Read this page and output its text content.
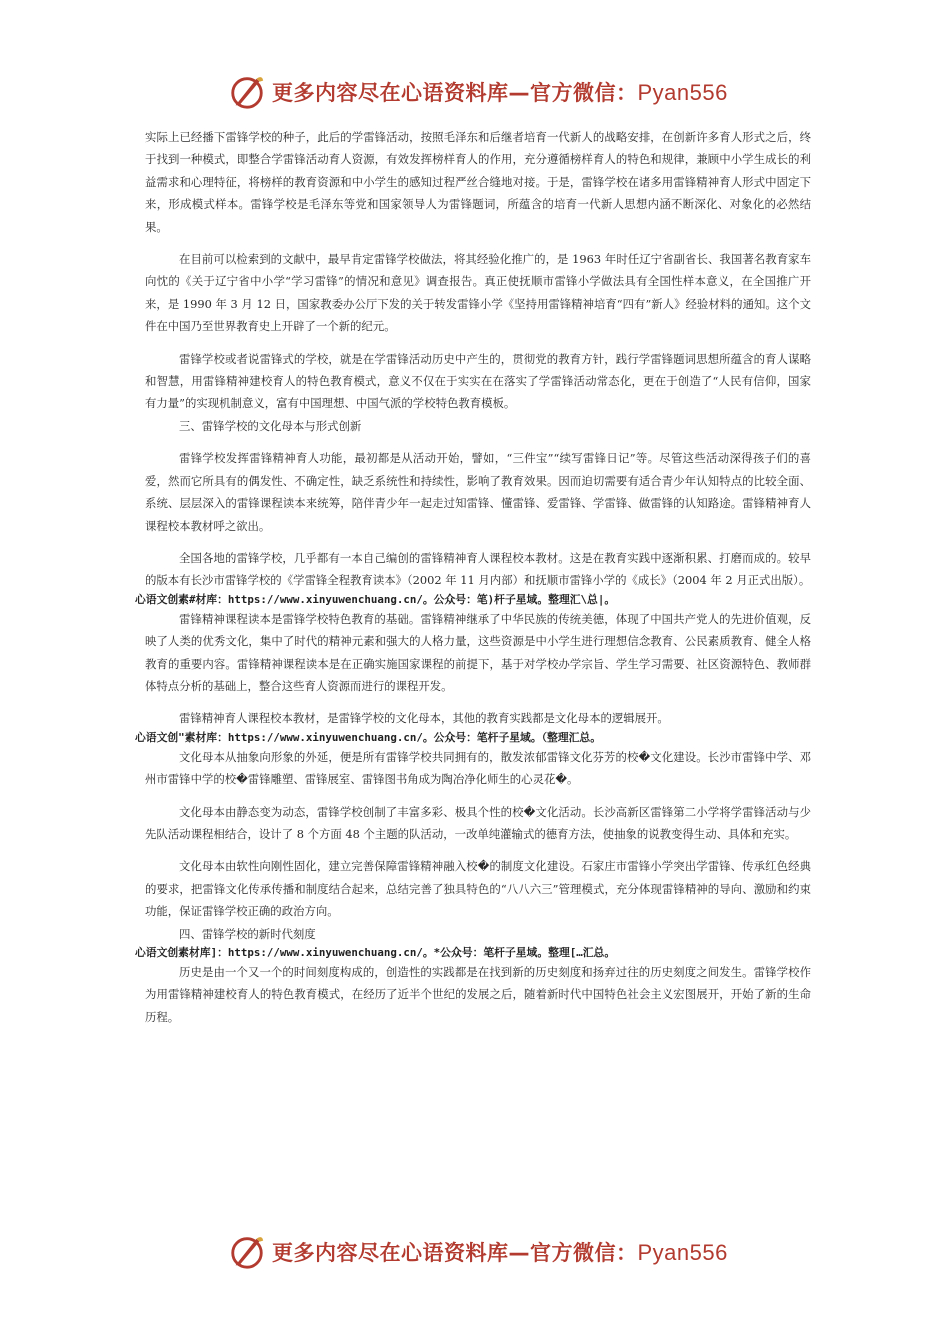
更多内容尽在心语资料库—官方微信：Pyan556

实际上已经播下雷锋学校的种子，此后的学雷锋活动，按照毛泽东和后继者培育一代新人的战略安排，在创新许多育人形式之后，终于找到一种模式，即整合学雷锋活动育人资源，有效发挥榜样育人的作用，充分遵循榜样育人的特色和规律，兼顾中小学生成长的利益需求和心理特征，将榜样的教育资源和中小学生的感知过程严丝合缝地对接。于是，雷锋学校在诸多用雷锋精神育人形式中固定下来，形成模式样本。雷锋学校是毛泽东等党和国家领导人为雷锋题词，所蕴含的培育一代新人思想内涵不断深化、对象化的必然结果。

在目前可以检索到的文献中，最早肯定雷锋学校做法，将其经验化推广的，是 1963 年时任辽宁省副省长、我国著名教育家车向忱的《关于辽宁省中小学“学习雷锋”的情况和意见》调查报告。真正使抚顺市雷锋小学做法具有全国性样本意义，在全国推广开来，是 1990 年 3 月 12 日，国家教委办公厅下发的关于转发雷锋小学《坚持用雷锋精神培育“四有”新人》经验材料的通知。这个文件在中国乃至世界教育史上开辟了一个新的纪元。

雷锋学校或者说雷锋式的学校，就是在学雷锋活动历史中产生的，贯彻党的教育方针，践行学雷锋题词思想所蕴含的育人谋略和智慧，用雷锋精神建校育人的特色教育模式，意义不仅在于实实在在落实了学雷锋活动常态化，更在于创造了“人民有信仰，国家有力量”的实现机制意义，富有中国理想、中国气派的学校特色教育模板。

三、雷锋学校的文化母本与形式创新

雷锋学校发挥雷锋精神育人功能，最初都是从活动开始，譬如，“三件宝”“续写雷锋日记”等。尽管这些活动深得孩子们的喜爱，然而它所具有的偶发性、不确定性，缺乏系统性和持续性，影响了教育效果。因而迫切需要有适合青少年认知特点的比较全面、系统、层层深入的雷锋课程读本来统筹，陪伴青少年一起走过知雷锋、懂雷锋、爱雷锋、学雷锋、做雷锋的认知路途。雷锋精神育人课程校本教材呼之欲出。

全国各地的雷锋学校，几乎都有一本自己编创的雷锋精神育人课程校本教材。这是在教育实践中逐渐积累、打磨而成的。较早的版本有长沙市雷锋学校的《学雷锋全程教育读本》（2002 年 11 月内部）和抚顺市雷锋小学的《成长》（2004 年 2 月正式出版）。

心语文创素#材库：https://www.xinyuwenchuang.cn/。公众号：笔)杆子星域。整理汇\总|。

雷锋精神课程读本是雷锋学校特色教育的基础。雷锋精神继承了中华民族的传统美德，体现了中国共产党人的先进价值观，反映了人类的优秀文化，集中了时代的精神元素和强大的人格力量，这些资源是中小学生进行理想信念教育、公民素质教育、健全人格教育的重要内容。雷锋精神课程读本是在正确实施国家课程的前提下，基于对学校办学宗旨、学生学习需要、社区资源特色、教师群体特点分析的基础上，整合这些育人资源而进行的课程开发。

雷锋精神育人课程校本教材，是雷锋学校的文化母本，其他的教育实践都是文化母本的逻辑展开。

心语文创"素材库：https://www.xinyuwenchuang.cn/。公众号：笔杆子星域。（整理汇总。

文化母本从抽象向形象的外延，便是所有雷锋学校共同拥有的，散发浓郁雷锋文化芬芳的校�文化建设。长沙市雷锋中学、邓州市雷锋中学的校�雷锋雕塑、雷锋展室、雷锋图书角成为陶冶净化师生的心灵花�。

文化母本由静态变为动态，雷锋学校创制了丰富多彩、极具个性的校�文化活动。长沙高新区雷锋第二小学将学雷锋活动与少先队活动课程相结合，设计了 8 个方面 48 个主题的队活动，一改单纯灌输式的德育方法，使抽象的说教变得生动、具体和充实。

文化母本由软性向刚性固化，建立完善保障雷锋精神融入校�的制度文化建设。石家庄市雷锋小学突出学雷锋、传承红色经典的要求，把雷锋文化传承传播和制度结合起来，总结完善了独具特色的“八八六三”管理模式，充分体现雷锋精神的导向、激励和约束功能，保证雷锋学校正确的政治方向。

四、雷锋学校的新时代刻度

心语文创素材库]：https://www.xinyuwenchuang.cn/。*公众号：笔杆子星域。整理[…汇总。

历史是由一个又一个的时间刻度构成的，创造性的实践都是在找到新的历史刻度和扬弃过往的历史刻度之间发生。雷锋学校作为用雷锋精神建校育人的特色教育模式，在经历了近半个世纪的发展之后，随着新时代中国特色社会主义宏图展开，开始了新的生命历程。

更多内容尽在心语资料库—官方微信：Pyan556
